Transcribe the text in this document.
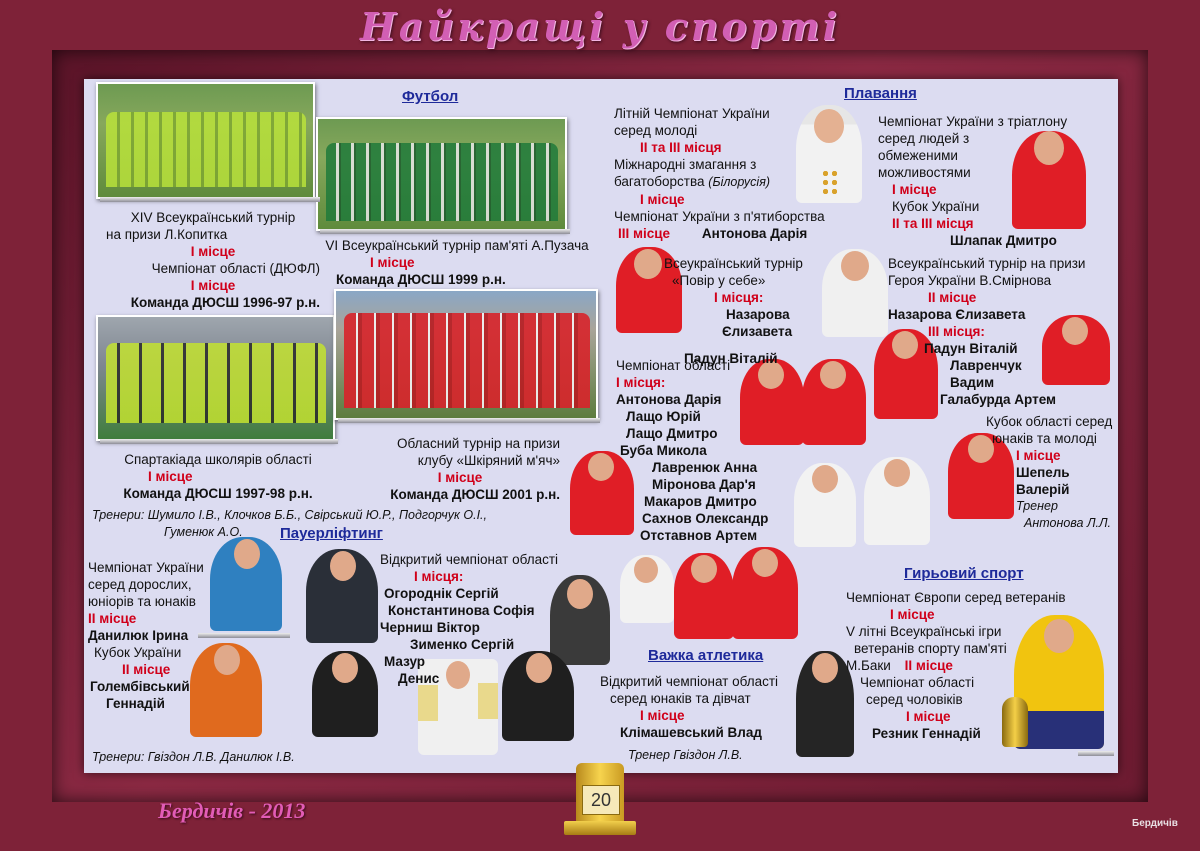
Найкращі у спорті
Футбол
XIV Всеукраїнський турнір
на призи Л.Копитка
І місце
Чемпіонат області (ДЮФЛ)
І місце
Команда ДЮСШ 1996-97 р.н.
VI Всеукраїнський турнір пам'яті А.Пузача
І місце
Команда ДЮСШ 1999 р.н.
Спартакіада школярів області
І місце
Команда ДЮСШ 1997-98 р.н.
Обласний турнір на призи
клубу «Шкіряний м'яч»
І місце
Команда ДЮСШ 2001 р.н.
Тренери: Шумило І.В., Клочков Б.Б., Свірський Ю.Р., Подгорчук О.І.,
Гуменюк А.О.
Плавання
Літній Чемпіонат України
серед молоді
ІІ та ІІІ місця
Міжнародні змагання з
багатоборства (Білорусія)
І місце
Чемпіонат України з п'ятиборства
ІІІ місце Антонова Дарія
Чемпіонат України з тріатлону
серед людей з
обмеженими
можливостями
І місце
Кубок України
ІІ та ІІІ місця
Шлапак Дмитро
Всеукраїнський турнір
«Повір у себе»
І місця:
Назарова
Єлизавета
Падун Віталій
Всеукраїнський турнір на призи
Героя України В.Смірнова
ІІ місце
Назарова Єлизавета
ІІІ місця:
Падун Віталій
Лавренчук
Вадим
Галабурда Артем
Чемпіонат області
І місця:
Антонова Дарія
Лащо Юрій
Лащо Дмитро
Буба Микола
Лавренюк Анна
Міронова Дар'я
Макаров Дмитро
Сахнов Олександр
Отставнов Артем
Кубок області серед
юнаків та молоді
І місце
Шепель
Валерій
Тренер
Антонова Л.Л.
Пауерліфтинг
Чемпіонат України
серед дорослих,
юніорів та юнаків
ІІ місце
Данилюк Ірина
Кубок України
ІІ місце
Голембівський
Геннадій
Відкритий чемпіонат області
І місця:
Огороднік Сергій
Константинова Софія
Черниш Віктор
Зименко Сергій
Мазур
Денис
Тренери: Гвіздон Л.В. Данилюк І.В.
Важка атлетика
Відкритий чемпіонат області
серед юнаків та дівчат
І місце
Клімашевський Влад
Тренер Гвіздон Л.В.
Гирьовий спорт
Чемпіонат Європи серед ветеранів
І місце
V літні Всеукраїнські ігри
ветеранів спорту пам'яті
М.Баки ІІ місце
Чемпіонат області
серед чоловіків
І місце
Резник Геннадій
Бердичів - 2013	20
Бердичів
